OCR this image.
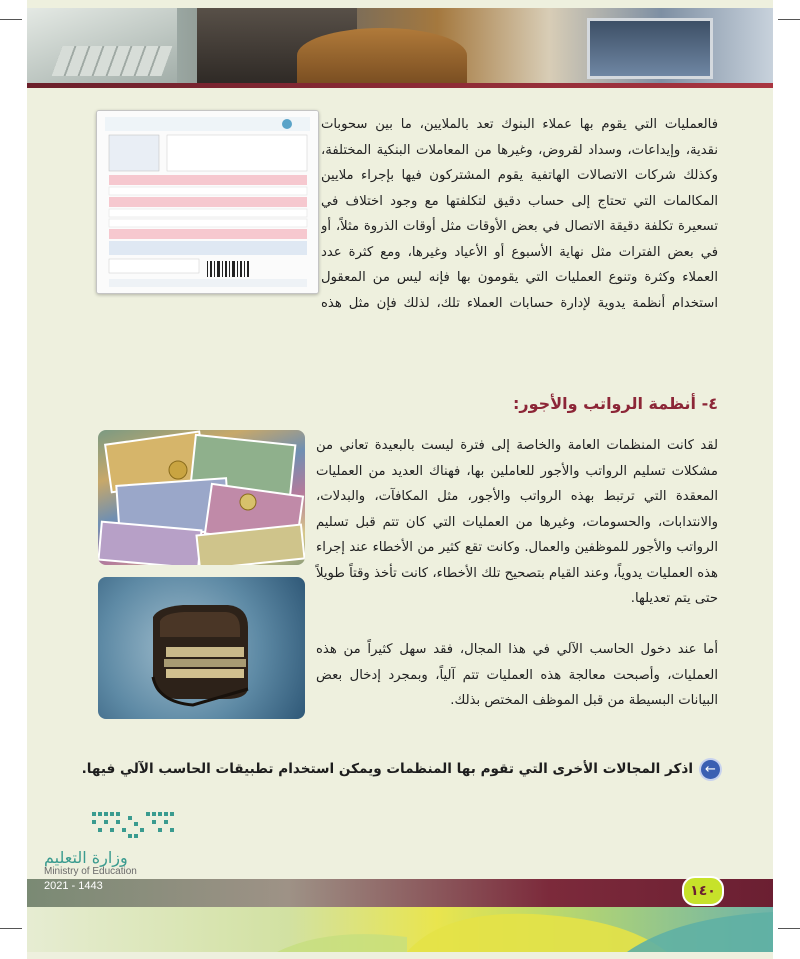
فالعمليات التي يقوم بها عملاء البنوك تعد بالملايين، ما بين سحوبات نقدية، وإيداعات، وسداد لقروض، وغيرها من المعاملات البنكية المختلفة، وكذلك شركات الاتصالات الهاتفية يقوم المشتركون فيها بإجراء ملايين المكالمات التي تحتاج إلى حساب دقيق لتكلفتها مع وجود اختلاف في تسعيرة تكلفة دقيقة الاتصال في بعض الأوقات مثل أوقات الذروة مثلاً، أو في بعض الفترات مثل نهاية الأسبوع أو الأعياد وغيرها، ومع كثرة عدد العملاء وكثرة وتنوع العمليات التي يقومون بها فإنه ليس من المعقول استخدام أنظمة يدوية لإدارة حسابات العملاء تلك، لذلك فإن مثل هذه

٤- أنظمة الرواتب والأجور:

لقد كانت المنظمات العامة والخاصة إلى فترة ليست بالبعيدة تعاني من مشكلات تسليم الرواتب والأجور للعاملين بها، فهناك العديد من العمليات المعقدة التي ترتبط بهذه الرواتب والأجور، مثل المكافآت، والبدلات، والانتدابات، والحسومات، وغيرها من العمليات التي كان تتم قبل تسليم الرواتب والأجور للموظفين والعمال. وكانت تقع كثير من الأخطاء عند إجراء هذه العمليات يدوياً، وعند القيام بتصحيح تلك الأخطاء، كانت تأخذ وقتاً طويلاً حتى يتم تعديلها.

أما عند دخول الحاسب الآلي في هذا المجال، فقد سهل كثيراً من هذه العمليات، وأصبحت معالجة هذه العمليات تتم آلياً، وبمجرد إدخال بعض البيانات البسيطة من قبل الموظف المختص بذلك.

←
اذكر المجالات الأخرى التي تقوم بها المنظمات ويمكن استخدام تطبيقات الحاسب الآلي فيها.
وزارة التعليم
Ministry of Education
2021 - 1443	١٤٠
